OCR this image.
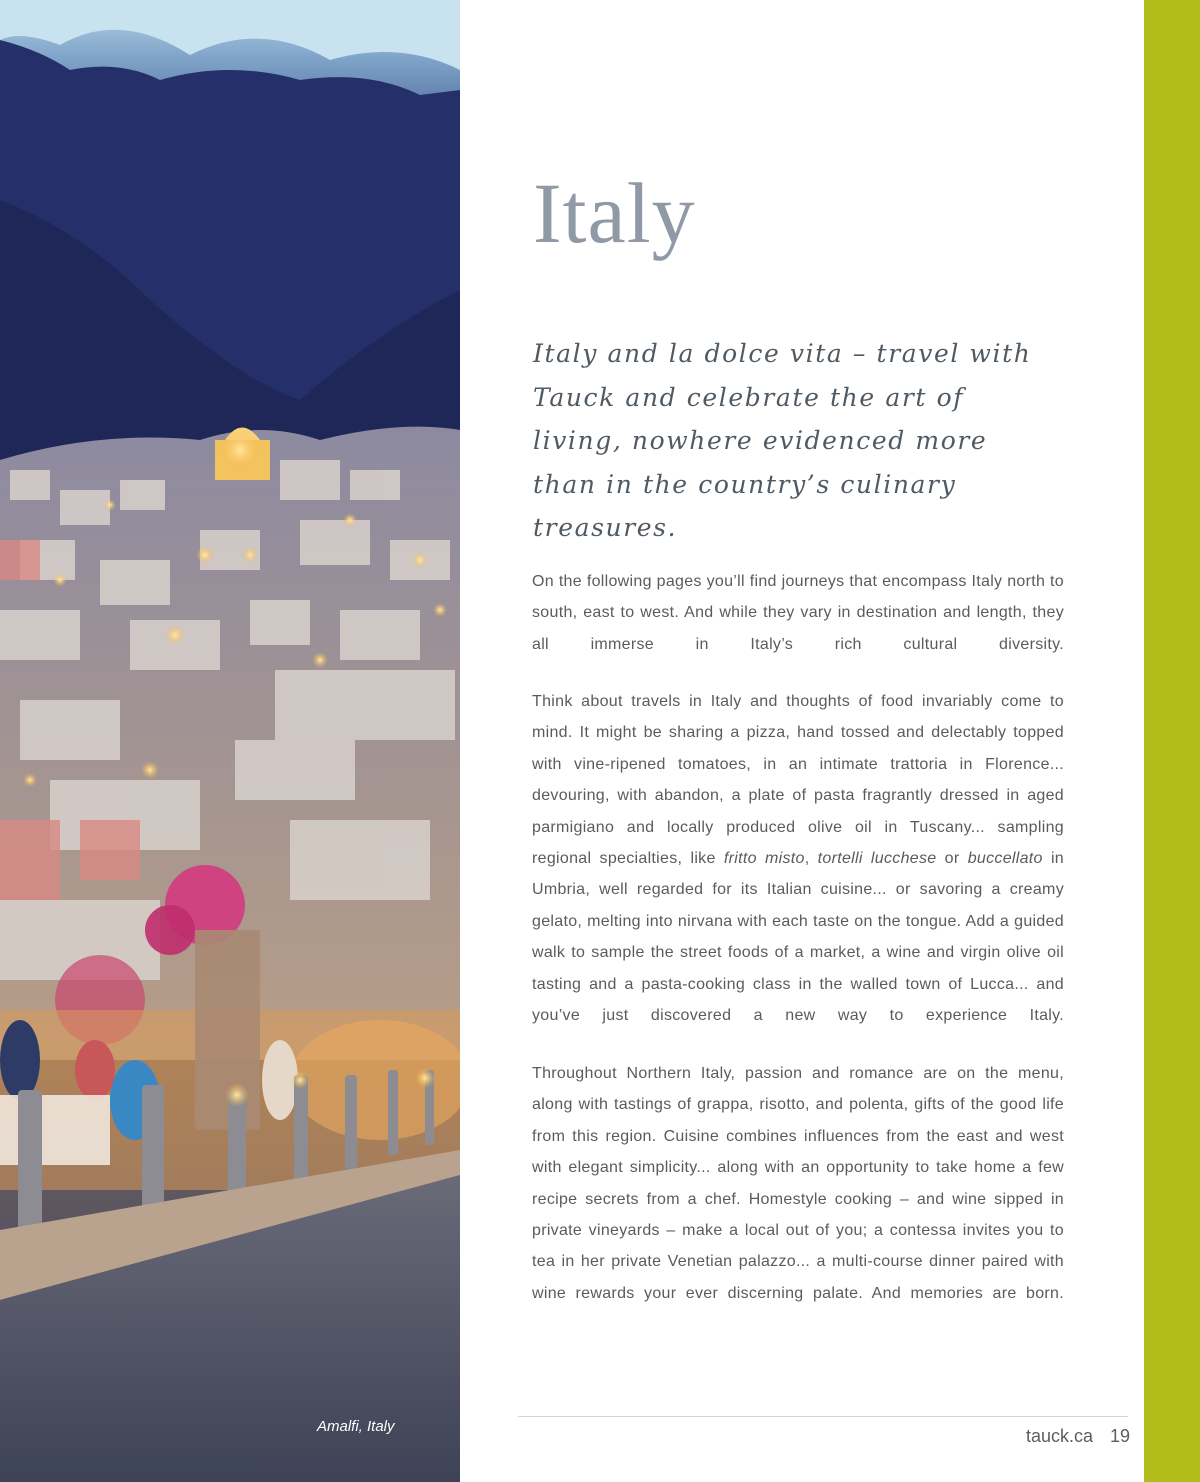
Amalfi, Italy
Italy

Italy and la dolce vita – travel with Tauck and celebrate the art of living, nowhere evidenced more than in the country’s culinary treasures.

On the following pages you’ll find journeys that encompass Italy north to south, east to west. And while they vary in destination and length, they all immerse in Italy’s rich cultural diversity.

Think about travels in Italy and thoughts of food invariably come to mind. It might be sharing a pizza, hand tossed and delectably topped with vine-ripened tomatoes, in an intimate trattoria in Florence... devouring, with abandon, a plate of pasta fragrantly dressed in aged parmigiano and locally produced olive oil in Tuscany... sampling regional specialties, like fritto misto, tortelli lucchese or buccellato in Umbria, well regarded for its Italian cuisine... or savoring a creamy gelato, melting into nirvana with each taste on the tongue. Add a guided walk to sample the street foods of a market, a wine and virgin olive oil tasting and a pasta-cooking class in the walled town of Lucca... and you’ve just discovered a new way to experience Italy.

Throughout Northern Italy, passion and romance are on the menu, along with tastings of grappa, risotto, and polenta, gifts of the good life from this region. Cuisine combines influences from the east and west with elegant simplicity... along with an opportunity to take home a few recipe secrets from a chef. Homestyle cooking – and wine sipped in private vineyards – make a local out of you; a contessa invites you to tea in her private Venetian palazzo... a multi-course dinner paired with wine rewards your ever discerning palate. And memories are born.

tauck.ca 19
